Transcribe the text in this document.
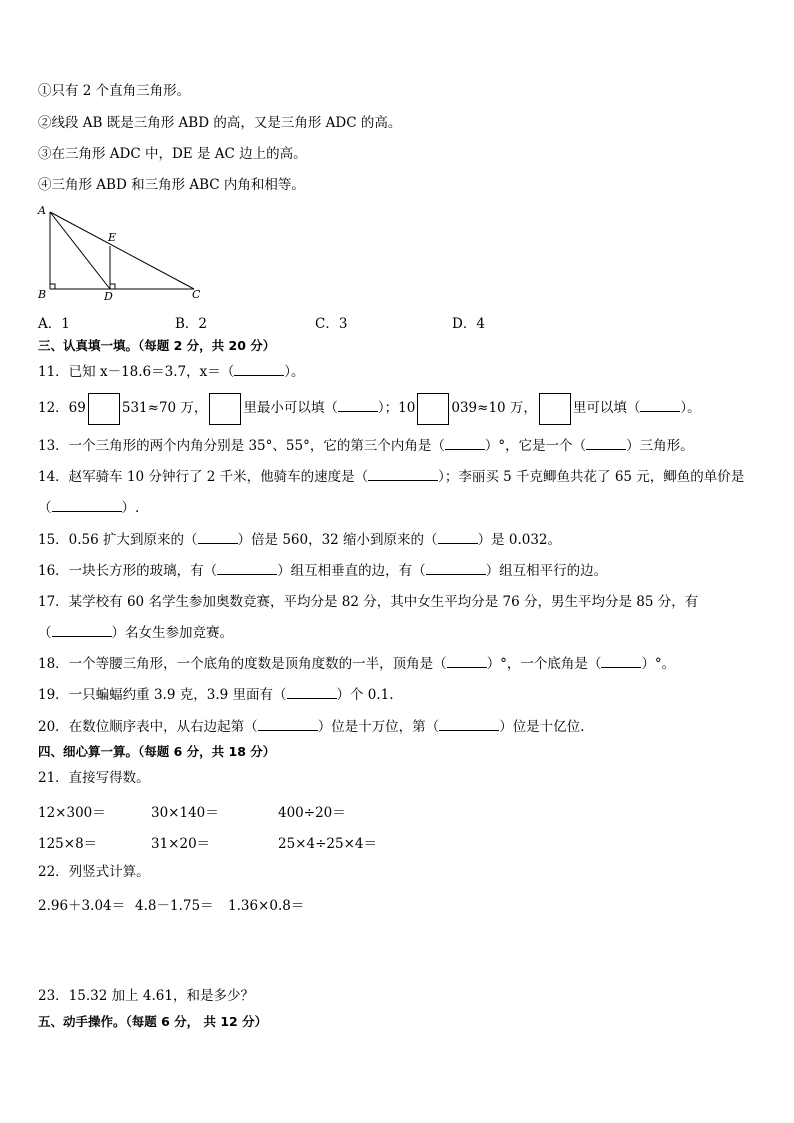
①只有 2 个直角三角形。
②线段 AB 既是三角形 ABD 的高，又是三角形 ADC 的高。
③在三角形 ADC 中，DE 是 AC 边上的高。
④三角形 ABD 和三角形 ABC 内角和相等。
A
B	D
E
C
A．1	B．2	C．3	D．4
三、认真填一填。（每题 2 分，共 20 分）
11．已知 x－18.6＝3.7，x＝（	）。
12．69	531≈70 万，	里最小可以填（	）；10	039≈10 万，	里可以填（	）。
13．一个三角形的两个内角分别是 35°、55°，它的第三个内角是（	）°，它是一个（	）三角形。
14．赵军骑车 10 分钟行了 2 千米，他骑车的速度是（	）；李丽买 5 千克鲫鱼共花了 65 元，鲫鱼的单价是
（	）.
15．0.56 扩大到原来的（	）倍是 560，32 缩小到原来的（	）是 0.032。
16．一块长方形的玻璃，有（	）组互相垂直的边，有（	）组互相平行的边。
17．某学校有 60 名学生参加奥数竞赛，平均分是 82 分，其中女生平均分是 76 分，男生平均分是 85 分，有
（	）名女生参加竞赛。
18．一个等腰三角形，一个底角的度数是顶角度数的一半，顶角是（	）°，一个底角是（	）°。
19．一只蝙蝠约重 3.9 克，3.9 里面有（	）个 0.1.
20．在数位顺序表中，从右边起第（	）位是十万位，第（	）位是十亿位.
四、细心算一算。（每题 6 分，共 18 分）
21．直接写得数。
12×300＝	30×140＝	400÷20＝
125×8＝	31×20＝	25×4÷25×4＝
22．列竖式计算。
2.96＋3.04＝ 4.8－1.75＝ 1.36×0.8＝
23．15.32 加上 4.61，和是多少？
五、动手操作。（每题 6 分， 共 12 分）
